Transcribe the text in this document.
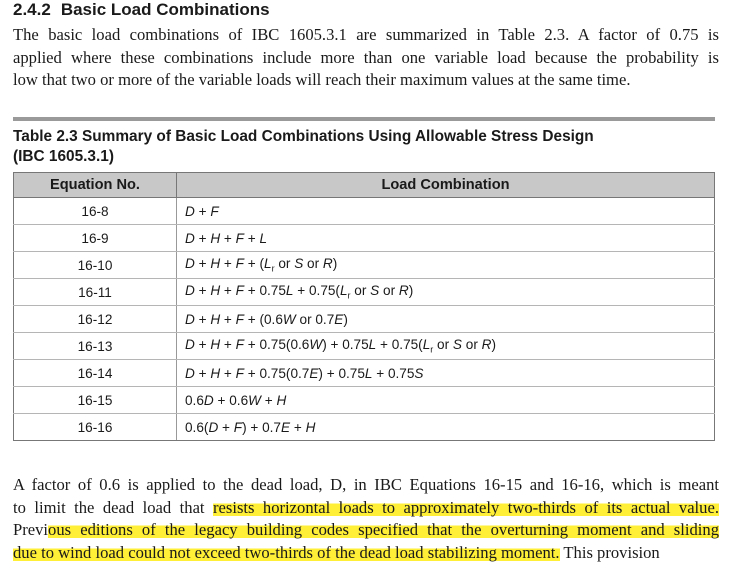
2.4.2 Basic Load Combinations
The basic load combinations of IBC 1605.3.1 are summarized in Table 2.3. A factor of 0.75 is
applied where these combinations include more than one variable load because the probability is
low that two or more of the variable loads will reach their maximum values at the same time.
Table 2.3 Summary of Basic Load Combinations Using Allowable Stress Design
(IBC 1605.3.1)
Equation No.	Load Combination
16-8	D + F
16-9	D + H + F + L
16-10	$D + H + F + (L_r$ or S or R)
16-11	$D + H + F + 0.75L + 0.75(L_r$ or S or R)
16-12	D + H + F + (0.6W or 0.7E)
16-13	$D + H + F + 0.75(0.6W) + 0.75L + 0.75(L_r$ or S or R)
16-14	D + H + F + 0.75(0.7E) + 0.75L + 0.75S
16-15	0.6D + 0.6W + H
16-16	0.6(D + F) + 0.7E + H
A factor of 0.6 is applied to the dead load, D, in IBC Equations 16-15 and 16-16, which is meant
to limit the dead load that resists horizontal loads to approximately two-thirds of its actual value.
Previous editions of the legacy building codes specified that the overturning moment and sliding
due to wind load could not exceed two-thirds of the dead load stabilizing moment. This provision
